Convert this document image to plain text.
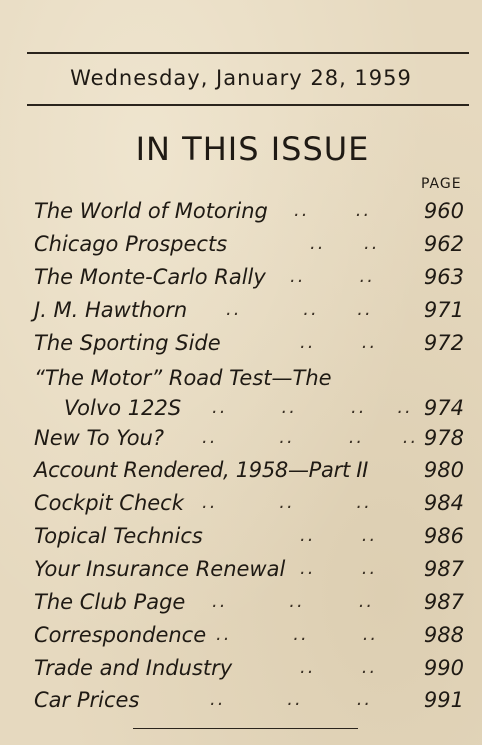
Wednesday, January 28, 1959
IN THIS ISSUE
PAGE
The World of Motoring ..      ..	960
Chicago Prospects	..     ..	962
The Monte-Carlo Rally ..       ..	963
J. M. Hawthorn ..        ..     ..	971
The Sporting Side	..      ..	972
“The Motor” Road Test—The
Volvo 122S ..       ..       ..    .. 974
New To You? ..        ..       ..     .. 978
Account Rendered, 1958—Part II	980
Cockpit Check ..        ..        ..	984
Topical Technics	..      ..	986
Your Insurance Renewal ..      ..	987
The Club Page ..        ..       ..	987
Correspondence ..        ..       ..	988
Trade and Industry	..      ..	990
Car Prices	..        ..       ..	991
